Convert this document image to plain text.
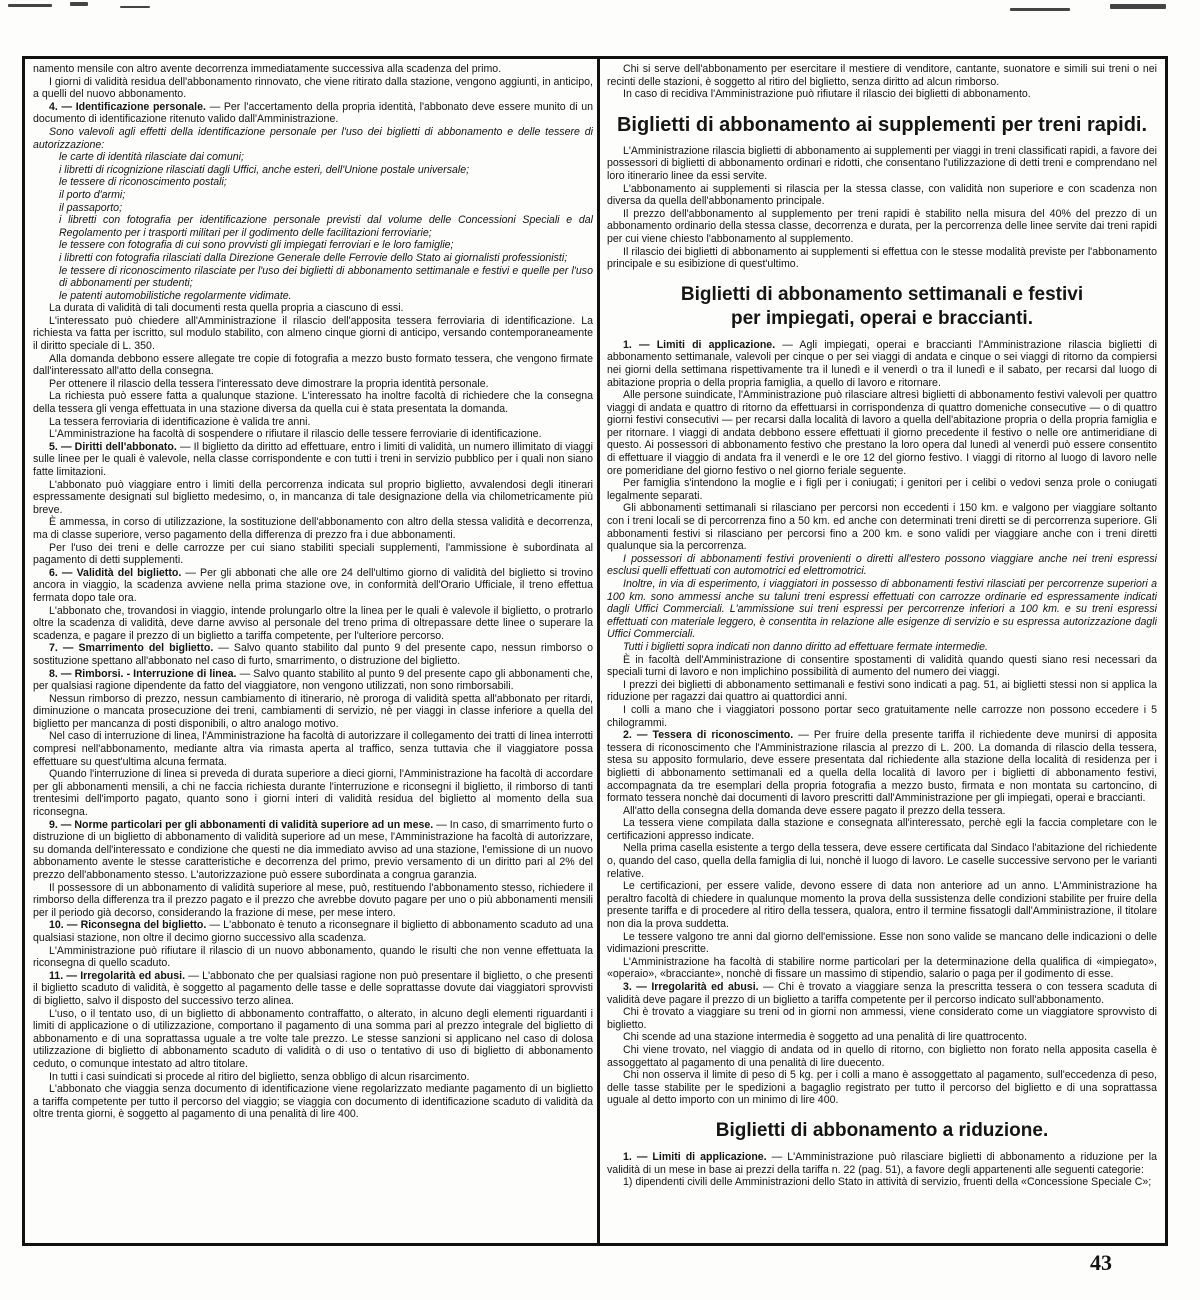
namento mensile con altro avente decorrenza immediatamente successiva alla scadenza del primo.

I giorni di validità residua dell'abbonamento rinnovato, che viene ritirato dalla stazione, vengono aggiunti, in anticipo, a quelli del nuovo abbonamento.

4. — Identificazione personale. — Per l'accertamento della propria identità, l'abbonato deve essere munito di un documento di identificazione ritenuto valido dall'Amministrazione.

Sono valevoli agli effetti della identificazione personale per l'uso dei biglietti di abbonamento e delle tessere di autorizzazione:

le carte di identità rilasciate dai comuni;

i libretti di ricognizione rilasciati dagli Uffici, anche esteri, dell'Unione postale universale;

le tessere di riconoscimento postali;

il porto d'armi;

il passaporto;

i libretti con fotografia per identificazione personale previsti dal volume delle Concessioni Speciali e dal Regolamento per i trasporti militari per il godimento delle facilitazioni ferroviarie;

le tessere con fotografia di cui sono provvisti gli impiegati ferroviari e le loro famiglie;

i libretti con fotografia rilasciati dalla Direzione Generale delle Ferrovie dello Stato ai giornalisti professionisti;

le tessere di riconoscimento rilasciate per l'uso dei biglietti di abbonamento settimanale e festivi e quelle per l'uso di abbonamenti per studenti;

le patenti automobilistiche regolarmente vidimate.

La durata di validità di tali documenti resta quella propria a ciascuno di essi.

L'interessato può chiedere all'Amministrazione il rilascio dell'apposita tessera ferroviaria di identificazione. La richiesta va fatta per iscritto, sul modulo stabilito, con almeno cinque giorni di anticipo, versando contemporaneamente il diritto speciale di L. 350.

Alla domanda debbono essere allegate tre copie di fotografia a mezzo busto formato tessera, che vengono firmate dall'interessato all'atto della consegna.

Per ottenere il rilascio della tessera l'interessato deve dimostrare la propria identità personale.

La richiesta può essere fatta a qualunque stazione. L'interessato ha inoltre facoltà di richiedere che la consegna della tessera gli venga effettuata in una stazione diversa da quella cui è stata presentata la domanda.

La tessera ferroviaria di identificazione è valida tre anni.

L'Amministrazione ha facoltà di sospendere o rifiutare il rilascio delle tessere ferroviarie di identificazione.

5. — Diritti dell'abbonato. — Il biglietto da diritto ad effettuare, entro i limiti di validità, un numero illimitato di viaggi sulle linee per le quali è valevole, nella classe corrispondente e con tutti i treni in servizio pubblico per i quali non siano fatte limitazioni.

L'abbonato può viaggiare entro i limiti della percorrenza indicata sul proprio biglietto, avvalendosi degli itinerari espressamente designati sul biglietto medesimo, o, in mancanza di tale designazione della via chilometricamente più breve.

È ammessa, in corso di utilizzazione, la sostituzione dell'abbonamento con altro della stessa validità e decorrenza, ma di classe superiore, verso pagamento della differenza di prezzo fra i due abbonamenti.

Per l'uso dei treni e delle carrozze per cui siano stabiliti speciali supplementi, l'ammissione è subordinata al pagamento di detti supplementi.

6. — Validità del biglietto. — Per gli abbonati che alle ore 24 dell'ultimo giorno di validità del biglietto si trovino ancora in viaggio, la scadenza avviene nella prima stazione ove, in conformità dell'Orario Ufficiale, il treno effettua fermata dopo tale ora.

L'abbonato che, trovandosi in viaggio, intende prolungarlo oltre la linea per le quali è valevole il biglietto, o protrarlo oltre la scadenza di validità, deve darne avviso al personale del treno prima di oltrepassare dette linee o superare la scadenza, e pagare il prezzo di un biglietto a tariffa competente, per l'ulteriore percorso.

7. — Smarrimento del biglietto. — Salvo quanto stabilito dal punto 9 del presente capo, nessun rimborso o sostituzione spettano all'abbonato nel caso di furto, smarrimento, o distruzione del biglietto.

8. — Rimborsi. - Interruzione di linea. — Salvo quanto stabilito al punto 9 del presente capo gli abbonamenti che, per qualsiasi ragione dipendente da fatto del viaggiatore, non vengono utilizzati, non sono rimborsabili.

Nessun rimborso di prezzo, nessun cambiamento di itinerario, nè proroga di validità spetta all'abbonato per ritardi, diminuzione o mancata prosecuzione dei treni, cambiamenti di servizio, nè per viaggi in classe inferiore a quella del biglietto per mancanza di posti disponibili, o altro analogo motivo.

Nel caso di interruzione di linea, l'Amministrazione ha facoltà di autorizzare il collegamento dei tratti di linea interrotti compresi nell'abbonamento, mediante altra via rimasta aperta al traffico, senza tuttavia che il viaggiatore possa effettuare su quest'ultima alcuna fermata.

Quando l'interruzione di linea si preveda di durata superiore a dieci giorni, l'Amministrazione ha facoltà di accordare per gli abbonamenti mensili, a chi ne faccia richiesta durante l'interruzione e riconsegni il biglietto, il rimborso di tanti trentesimi dell'importo pagato, quanto sono i giorni interi di validità residua del biglietto al momento della sua riconsegna.

9. — Norme particolari per gli abbonamenti di validità superiore ad un mese. — In caso, di smarrimento furto o distruzione di un biglietto di abbonamento di validità superiore ad un mese, l'Amministrazione ha facoltà di autorizzare, su domanda dell'interessato e condizione che questi ne dia immediato avviso ad una stazione, l'emissione di un nuovo abbonamento avente le stesse caratteristiche e decorrenza del primo, previo versamento di un diritto pari al 2% del prezzo dell'abbonamento stesso. L'autorizzazione può essere subordinata a congrua garanzia.

Il possessore di un abbonamento di validità superiore al mese, può, restituendo l'abbonamento stesso, richiedere il rimborso della differenza tra il prezzo pagato e il prezzo che avrebbe dovuto pagare per uno o più abbonamenti mensili per il periodo già decorso, considerando la frazione di mese, per mese intero.

10. — Riconsegna del biglietto. — L'abbonato è tenuto a riconsegnare il biglietto di abbonamento scaduto ad una qualsiasi stazione, non oltre il decimo giorno successivo alla scadenza.

L'Amministrazione può rifiutare il rilascio di un nuovo abbonamento, quando le risulti che non venne effettuata la riconsegna di quello scaduto.

11. — Irregolarità ed abusi. — L'abbonato che per qualsiasi ragione non può presentare il biglietto, o che presenti il biglietto scaduto di validità, è soggetto al pagamento delle tasse e delle soprattasse dovute dai viaggiatori sprovvisti di biglietto, salvo il disposto del successivo terzo alinea.

L'uso, o il tentato uso, di un biglietto di abbonamento contraffatto, o alterato, in alcuno degli elementi riguardanti i limiti di applicazione o di utilizzazione, comportano il pagamento di una somma pari al prezzo integrale del biglietto di abbonamento e di una soprattassa uguale a tre volte tale prezzo. Le stesse sanzioni si applicano nel caso di dolosa utilizzazione di biglietto di abbonamento scaduto di validità o di uso o tentativo di uso di biglietto di abbonamento ceduto, o comunque intestato ad altro titolare.

In tutti i casi suindicati si procede al ritiro del biglietto, senza obbligo di alcun risarcimento.

L'abbonato che viaggia senza documento di identificazione viene regolarizzato mediante pagamento di un biglietto a tariffa competente per tutto il percorso del viaggio; se viaggia con documento di identificazione scaduto di validità da oltre trenta giorni, è soggetto al pagamento di una penalità di lire 400.

Chi si serve dell'abbonamento per esercitare il mestiere di venditore, cantante, suonatore e simili sui treni o nei recinti delle stazioni, è soggetto al ritiro del biglietto, senza diritto ad alcun rimborso.

In caso di recidiva l'Amministrazione può rifiutare il rilascio dei biglietti di abbonamento.

Biglietti di abbonamento ai supplementi per treni rapidi.

L'Amministrazione rilascia biglietti di abbonamento ai supplementi per viaggi in treni classificati rapidi, a favore dei possessori di biglietti di abbonamento ordinari e ridotti, che consentano l'utilizzazione di detti treni e comprendano nel loro itinerario linee da essi servite.

L'abbonamento ai supplementi si rilascia per la stessa classe, con validità non superiore e con scadenza non diversa da quella dell'abbonamento principale.

Il prezzo dell'abbonamento al supplemento per treni rapidi è stabilito nella misura del 40% del prezzo di un abbonamento ordinario della stessa classe, decorrenza e durata, per la percorrenza delle linee servite dai treni rapidi per cui viene chiesto l'abbonamento al supplemento.

Il rilascio dei biglietti di abbonamento ai supplementi si effettua con le stesse modalità previste per l'abbonamento principale e su esibizione di quest'ultimo.

Biglietti di abbonamento settimanali e festivi
per impiegati, operai e braccianti.

1. — Limiti di applicazione. — Agli impiegati, operai e braccianti l'Amministrazione rilascia biglietti di abbonamento settimanale, valevoli per cinque o per sei viaggi di andata e cinque o sei viaggi di ritorno da compiersi nei giorni della settimana rispettivamente tra il lunedì e il venerdì o tra il lunedì e il sabato, per recarsi dal luogo di abitazione propria o della propria famiglia, a quello di lavoro e ritornare.

Alle persone suindicate, l'Amministrazione può rilasciare altresì biglietti di abbonamento festivi valevoli per quattro viaggi di andata e quattro di ritorno da effettuarsi in corrispondenza di quattro domeniche consecutive — o di quattro giorni festivi consecutivi — per recarsi dalla località di lavoro a quella dell'abitazione propria o della propria famiglia e per ritornare. I viaggi di andata debbono essere effettuati il giorno precedente il festivo o nelle ore antimeridiane di questo. Ai possessori di abbonamento festivo che prestano la loro opera dal lunedì al venerdì può essere consentito di effettuare il viaggio di andata fra il venerdì e le ore 12 del giorno festivo. I viaggi di ritorno al luogo di lavoro nelle ore pomeridiane del giorno festivo o nel giorno feriale seguente.

Per famiglia s'intendono la moglie e i figli per i coniugati; i genitori per i celibi o vedovi senza prole o coniugati legalmente separati.

Gli abbonamenti settimanali si rilasciano per percorsi non eccedenti i 150 km. e valgono per viaggiare soltanto con i treni locali se di percorrenza fino a 50 km. ed anche con determinati treni diretti se di percorrenza superiore. Gli abbonamenti festivi si rilasciano per percorsi fino a 200 km. e sono validi per viaggiare anche con i treni diretti qualunque sia la percorrenza.

I possessori di abbonamenti festivi provenienti o diretti all'estero possono viaggiare anche nei treni espressi esclusi quelli effettuati con automotrici ed elettromotrici.

Inoltre, in via di esperimento, i viaggiatori in possesso di abbonamenti festivi rilasciati per percorrenze superiori a 100 km. sono ammessi anche su taluni treni espressi effettuati con carrozze ordinarie ed espressamente indicati dagli Uffici Commerciali. L'ammissione sui treni espressi per percorrenze inferiori a 100 km. e su treni espressi effettuati con materiale leggero, è consentita in relazione alle esigenze di servizio e su espressa autorizzazione dagli Uffici Commerciali.

Tutti i biglietti sopra indicati non danno diritto ad effettuare fermate intermedie.

È in facoltà dell'Amministrazione di consentire spostamenti di validità quando questi siano resi necessari da speciali turni di lavoro e non implichino possibilità di aumento del numero dei viaggi.

I prezzi dei biglietti di abbonamento settimanali e festivi sono indicati a pag. 51, ai biglietti stessi non si applica la riduzione per ragazzi dai quattro ai quattordici anni.

I colli a mano che i viaggiatori possono portar seco gratuitamente nelle carrozze non possono eccedere i 5 chilogrammi.

2. — Tessera di riconoscimento. — Per fruire della presente tariffa il richiedente deve munirsi di apposita tessera di riconoscimento che l'Amministrazione rilascia al prezzo di L. 200. La domanda di rilascio della tessera, stesa su apposito formulario, deve essere presentata dal richiedente alla stazione della località di residenza per i biglietti di abbonamento settimanali ed a quella della località di lavoro per i biglietti di abbonamento festivi, accompagnata da tre esemplari della propria fotografia a mezzo busto, firmata e non montata su cartoncino, di formato tessera nonchè dai documenti di lavoro prescritti dall'Amministrazione per gli impiegati, operai e braccianti.

All'atto della consegna della domanda deve essere pagato il prezzo della tessera.

La tessera viene compilata dalla stazione e consegnata all'interessato, perchè egli la faccia completare con le certificazioni appresso indicate.

Nella prima casella esistente a tergo della tessera, deve essere certificata dal Sindaco l'abitazione del richiedente o, quando del caso, quella della famiglia di lui, nonchè il luogo di lavoro. Le caselle successive servono per le varianti relative.

Le certificazioni, per essere valide, devono essere di data non anteriore ad un anno. L'Amministrazione ha peraltro facoltà di chiedere in qualunque momento la prova della sussistenza delle condizioni stabilite per fruire della presente tariffa e di procedere al ritiro della tessera, qualora, entro il termine fissatogli dall'Amministrazione, il titolare non dia la prova suddetta.

Le tessere valgono tre anni dal giorno dell'emissione. Esse non sono valide se mancano delle indicazioni o delle vidimazioni prescritte.

L'Amministrazione ha facoltà di stabilire norme particolari per la determinazione della qualifica di «impiegato», «operaio», «bracciante», nonchè di fissare un massimo di stipendio, salario o paga per il godimento di esse.

3. — Irregolarità ed abusi. — Chi è trovato a viaggiare senza la prescritta tessera o con tessera scaduta di validità deve pagare il prezzo di un biglietto a tariffa competente per il percorso indicato sull'abbonamento.

Chi è trovato a viaggiare su treni od in giorni non ammessi, viene considerato come un viaggiatore sprovvisto di biglietto.

Chi scende ad una stazione intermedia è soggetto ad una penalità di lire quattrocento.

Chi viene trovato, nel viaggio di andata od in quello di ritorno, con biglietto non forato nella apposita casella è assoggettato al pagamento di una penalità di lire duecento.

Chi non osserva il limite di peso di 5 kg. per i colli a mano è assoggettato al pagamento, sull'eccedenza di peso, delle tasse stabilite per le spedizioni a bagaglio registrato per tutto il percorso del biglietto e di una soprattassa uguale al detto importo con un minimo di lire 400.

Biglietti di abbonamento a riduzione.

1. — Limiti di applicazione. — L'Amministrazione può rilasciare biglietti di abbonamento a riduzione per la validità di un mese in base ai prezzi della tariffa n. 22 (pag. 51), a favore degli appartenenti alle seguenti categorie:

1) dipendenti civili delle Amministrazioni dello Stato in attività di servizio, fruenti della «Concessione Speciale C»;

43
